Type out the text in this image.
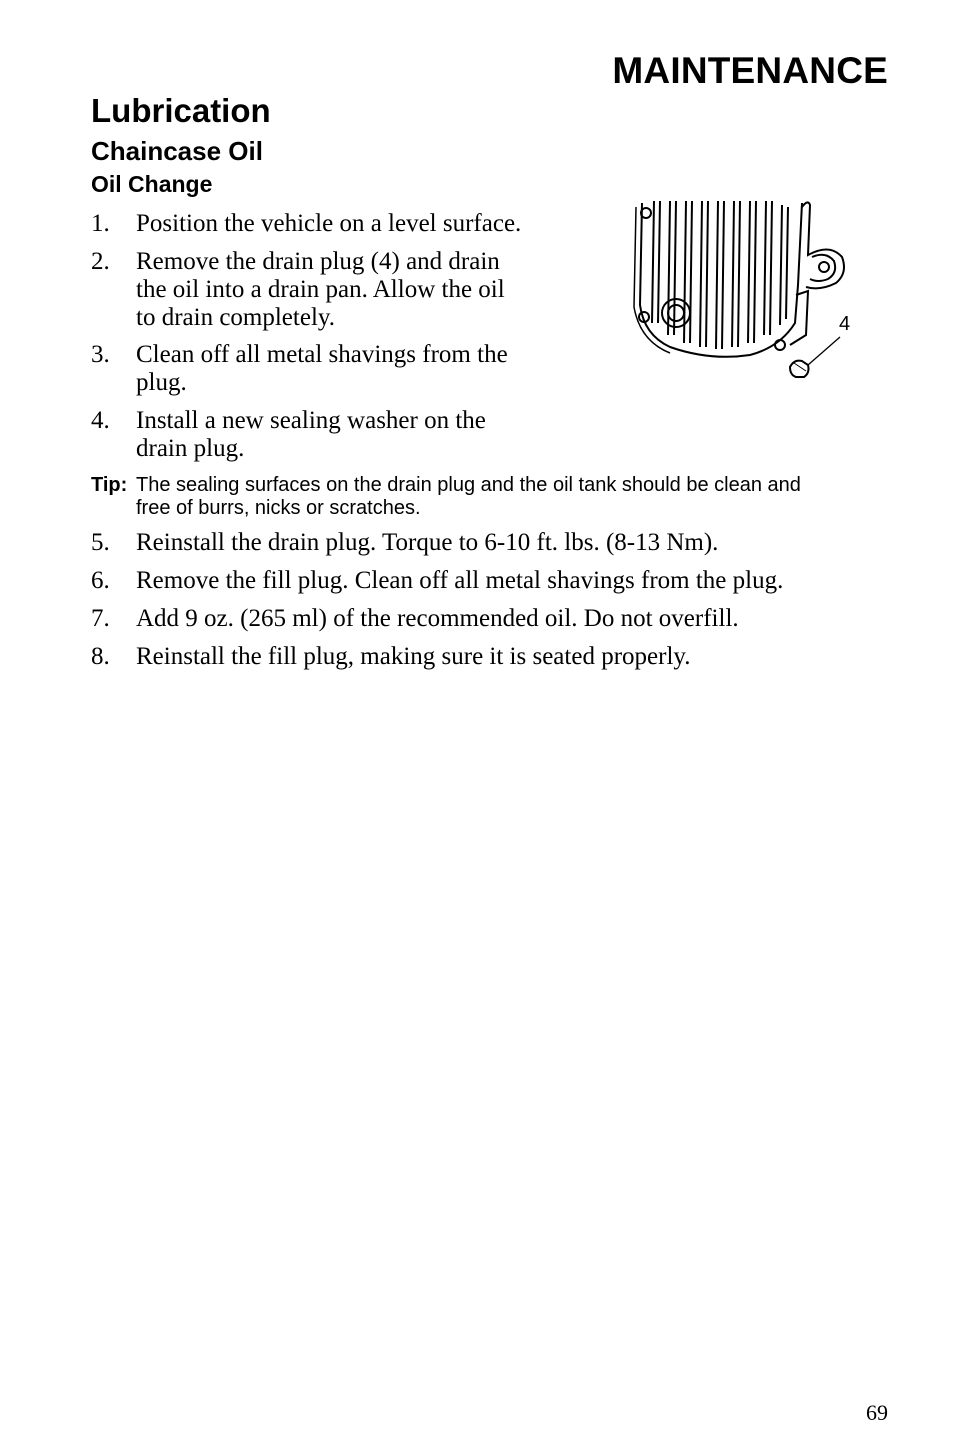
MAINTENANCE
Lubrication
Chaincase Oil
Oil Change
1. Position the vehicle on a level surface.
2. Remove the drain plug (4) and drain
the oil into a drain pan. Allow the oil
to drain completely.
3. Clean off all metal shavings from the
plug.
4. Install a new sealing washer on the
drain plug.
4
Tip: The sealing surfaces on the drain plug and the oil tank should be clean and
free of burrs, nicks or scratches.
5. Reinstall the drain plug. Torque to 6-10 ft. lbs. (8-13 Nm).
6. Remove the fill plug. Clean off all metal shavings from the plug.
7. Add 9 oz. (265 ml) of the recommended oil. Do not overfill.
8. Reinstall the fill plug, making sure it is seated properly.
69
